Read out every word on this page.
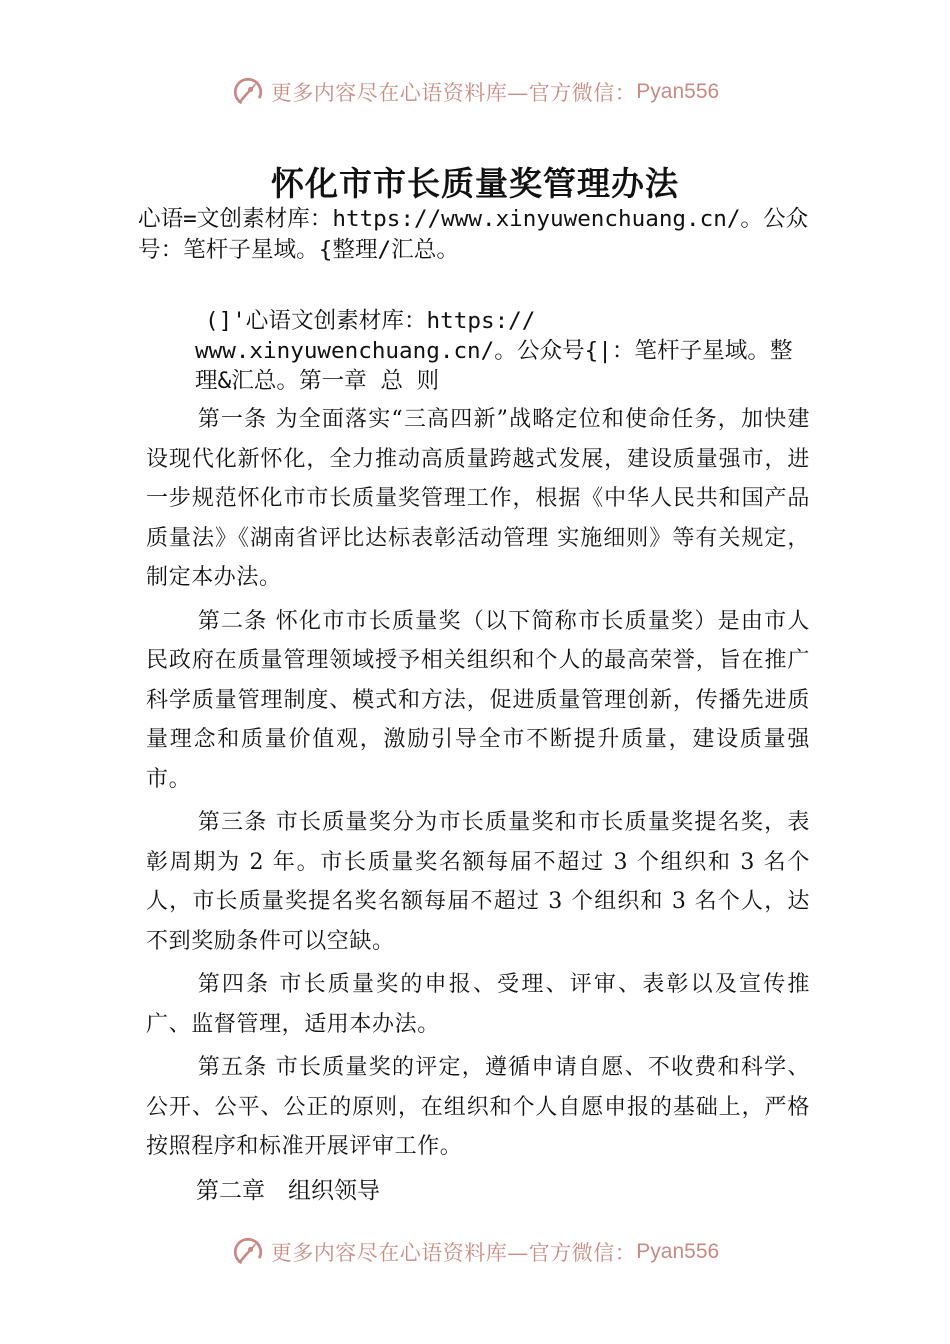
更多内容尽在心语资料库—官方微信： Pyan556
怀化市市长质量奖管理办法

心语=文创素材库：https://www.xinyuwenchuang.cn/。公众号：笔杆子星域。{整理/汇总。

(]'心语文创素材库：https://
www.xinyuwenchuang.cn/。公众号{|：笔杆子星域。整理&汇总。第一章 总 则

第一条 为全面落实“三高四新”战略定位和使命任务，加快建设现代化新怀化，全力推动高质量跨越式发展，建设质量强市，进一步规范怀化市市长质量奖管理工作，根据《中华人民共和国产品质量法》《湖南省评比达标表彰活动管理 实施细则》等有关规定，制定本办法。

第二条 怀化市市长质量奖（以下简称市长质量奖）是由市人民政府在质量管理领域授予相关组织和个人的最高荣誉，旨在推广科学质量管理制度、模式和方法，促进质量管理创新，传播先进质量理念和质量价值观，激励引导全市不断提升质量，建设质量强市。

第三条 市长质量奖分为市长质量奖和市长质量奖提名奖，表彰周期为 2 年。市长质量奖名额每届不超过 3 个组织和 3 名个人，市长质量奖提名奖名额每届不超过 3 个组织和 3 名个人，达不到奖励条件可以空缺。

第四条 市长质量奖的申报、受理、评审、表彰以及宣传推广、监督管理，适用本办法。

第五条 市长质量奖的评定，遵循申请自愿、不收费和科学、公开、公平、公正的原则，在组织和个人自愿申报的基础上，严格按照程序和标准开展评审工作。

第二章　组织领导

更多内容尽在心语资料库—官方微信： Pyan556
